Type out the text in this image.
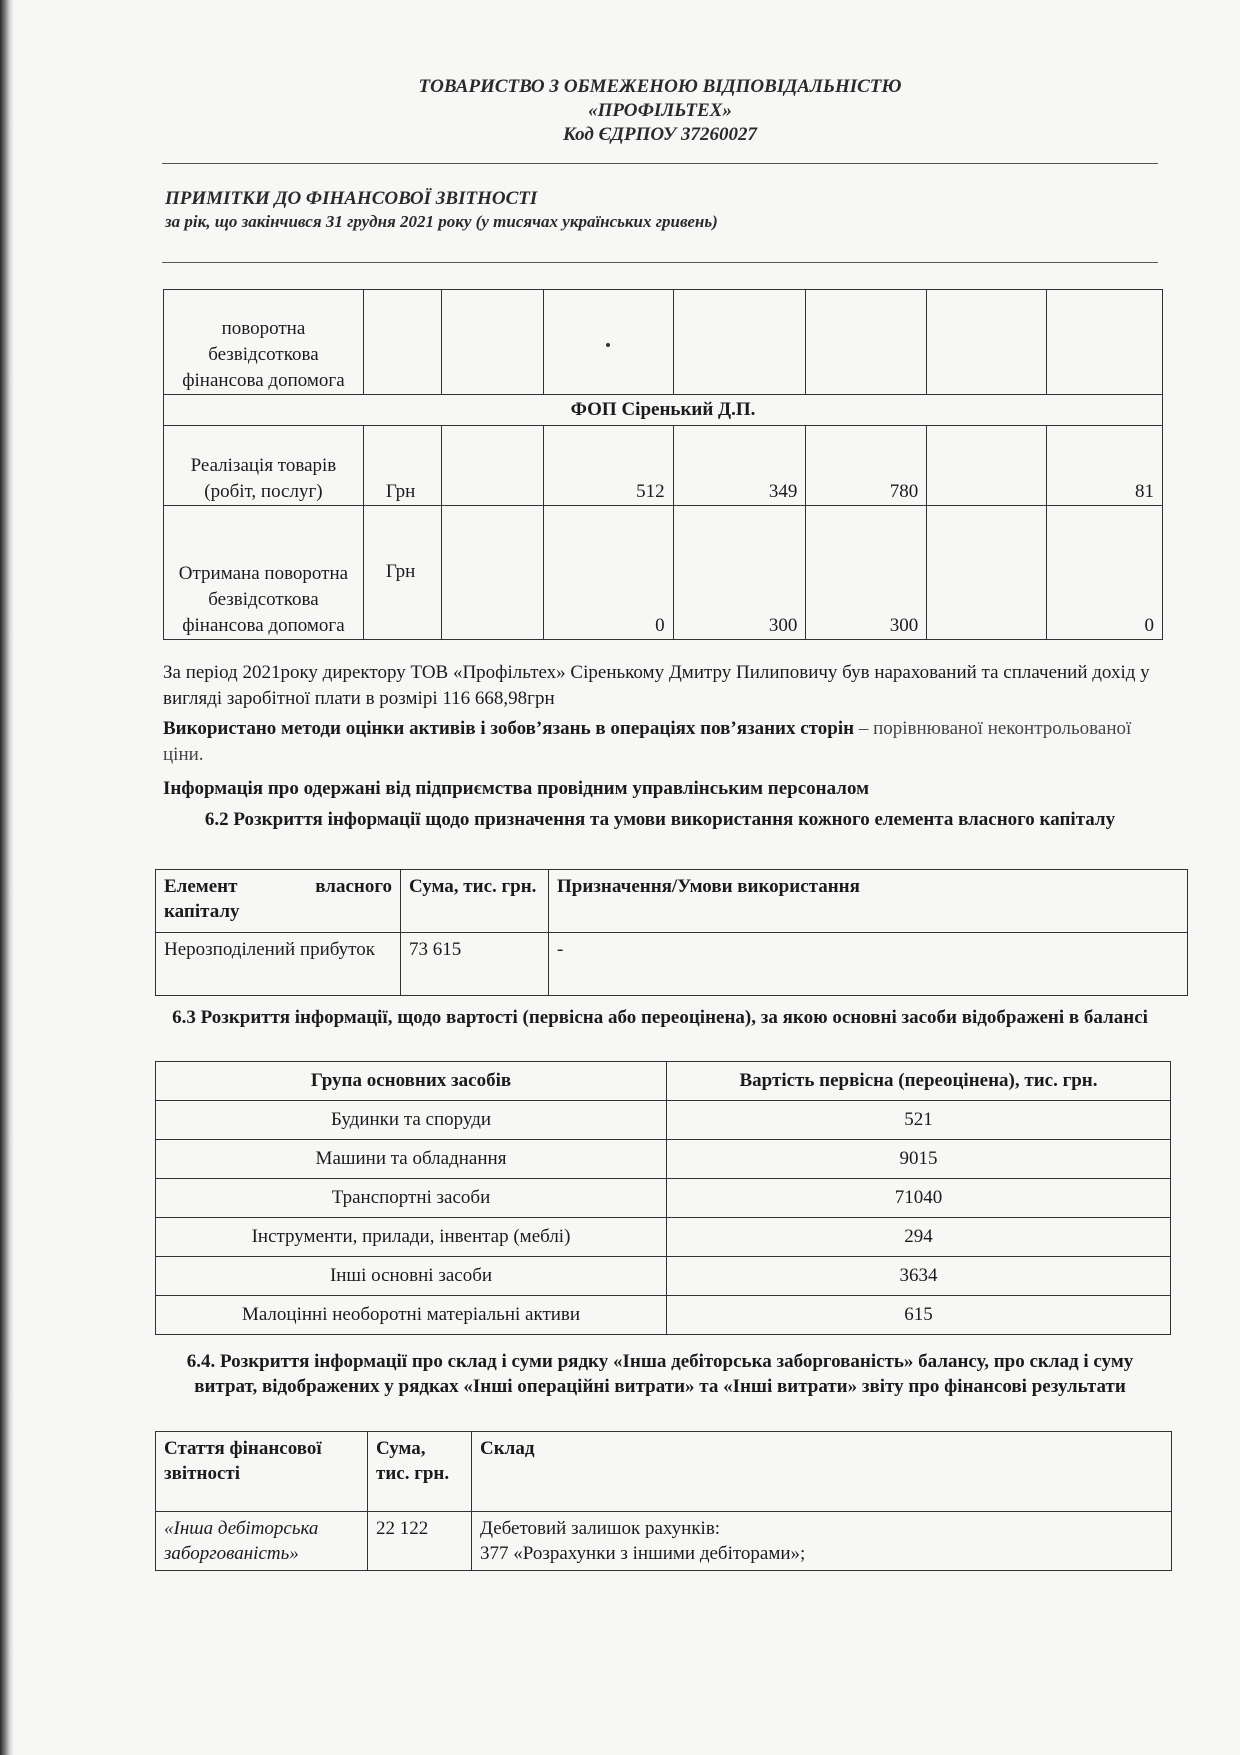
ТОВАРИСТВО З ОБМЕЖЕНОЮ ВІДПОВІДАЛЬНІСТЮ
«ПРОФІЛЬТЕХ»
Код ЄДРПОУ 37260027
ПРИМІТКИ ДО ФІНАНСОВОЇ ЗВІТНОСТІ
за рік, що закінчився 31 грудня 2021 року (у тисячах українських гривень)
поворотна безвідсоткова фінансова допомога							
ФОП Сіренький Д.П.							
Реалізація товарів (робіт, послуг)	Грн		512	349	780		81
Отримана поворотна безвідсоткова фінансова допомога	Грн		0	300	300		0
За період 2021року директору ТОВ «Профільтех» Сіренькому Дмитру Пилиповичу був нарахований та сплачений дохід у вигляді заробітної плати в розмірі 116 668,98грн
Використано методи оцінки активів і зобов’язань в операціях пов’язаних сторін – порівнюваної неконтрольованої ціни.
Інформація про одержані від підприємства провідним управлінським персоналом
6.2 Розкриття інформації щодо призначення та умови використання кожного елемента власного капіталу
Елемент власного капіталу	Сума, тис. грн.	Призначення/Умови використання
Нерозподілений прибуток	73 615	-
6.3 Розкриття інформації, щодо вартості (первісна або переоцінена), за якою основні засоби відображені в балансі
Група основних засобів	Вартість первісна (переоцінена), тис. грн.
Будинки та споруди	521
Машини та обладнання	9015
Транспортні засоби	71040
Інструменти, прилади, інвентар (меблі)	294
Інші основні засоби	3634
Малоцінні необоротні матеріальні активи	615
6.4. Розкриття інформації про склад і суми рядку «Інша дебіторська заборгованість» балансу, про склад і суму витрат, відображених у рядках «Інші операційні витрати» та «Інші витрати» звіту про фінансові результати
Стаття фінансової звітності	Сума, тис. грн.	Склад
«Інша дебіторська заборгованість»	22 122	Дебетовий залишок рахунків:
377 «Розрахунки з іншими дебіторами»;
